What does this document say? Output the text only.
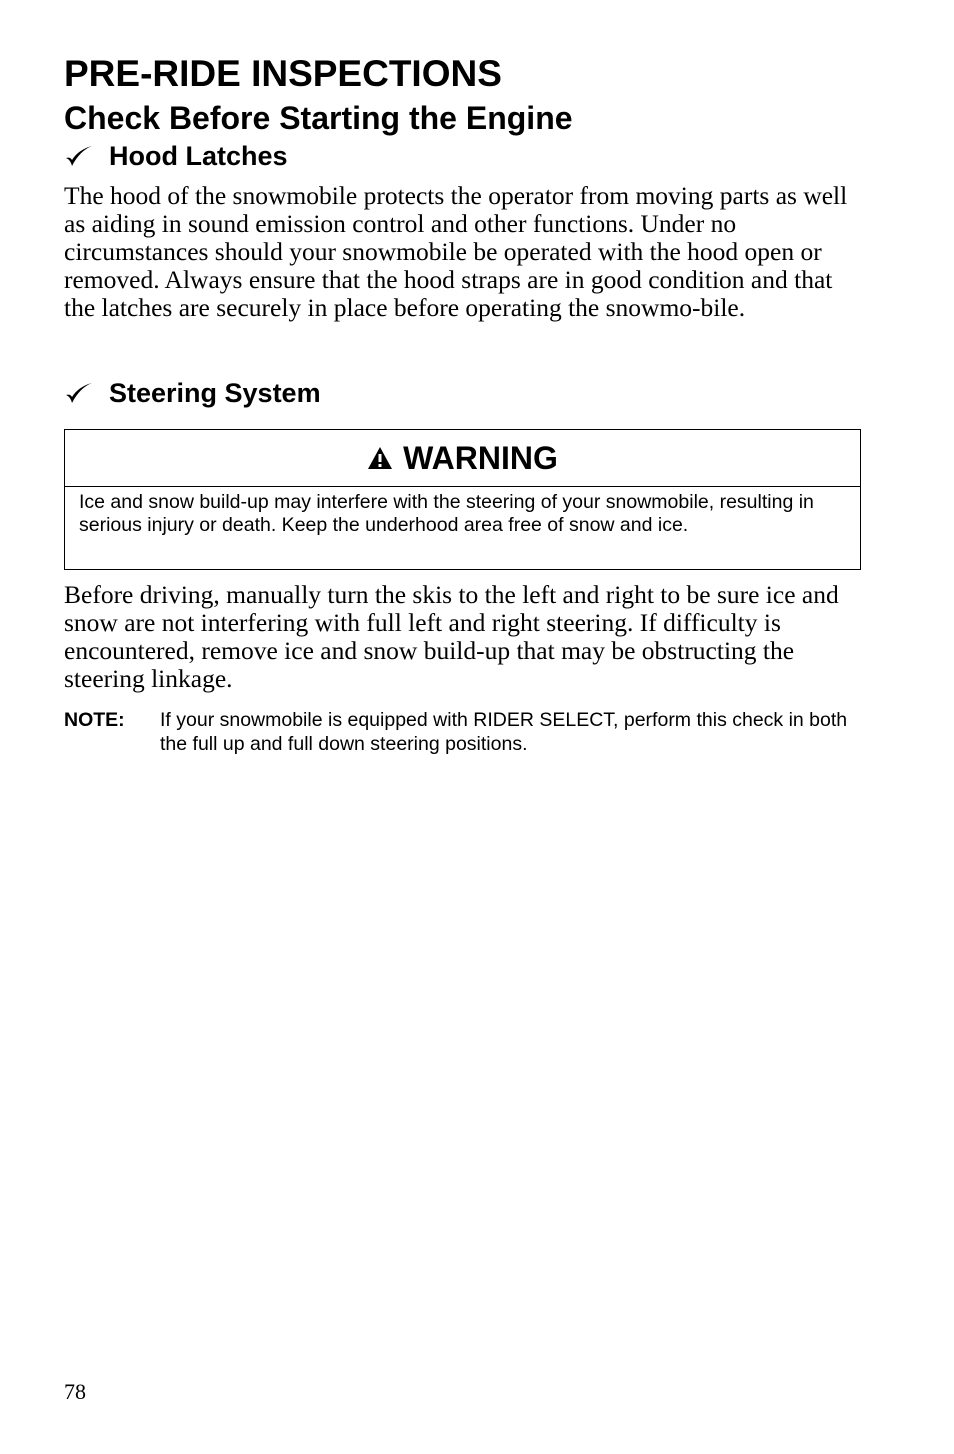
PRE-RIDE INSPECTIONS
Check Before Starting the Engine
Hood Latches

The hood of the snowmobile protects the operator from moving parts as well as aiding in sound emission control and other functions. Under no circumstances should your snowmobile be operated with the hood open or removed. Always ensure that the hood straps are in good condition and that the latches are securely in place before operating the snowmo-bile.

Steering System
WARNING

Ice and snow build-up may interfere with the steering of your snowmobile, resulting in serious injury or death. Keep the underhood area free of snow and ice.

Before driving, manually turn the skis to the left and right to be sure ice and snow are not interfering with full left and right steering. If difficulty is encountered, remove ice and snow build-up that may be obstructing the steering linkage.

NOTE:	If your snowmobile is equipped with RIDER SELECT, perform this check in both the full up and full down steering positions.

78
